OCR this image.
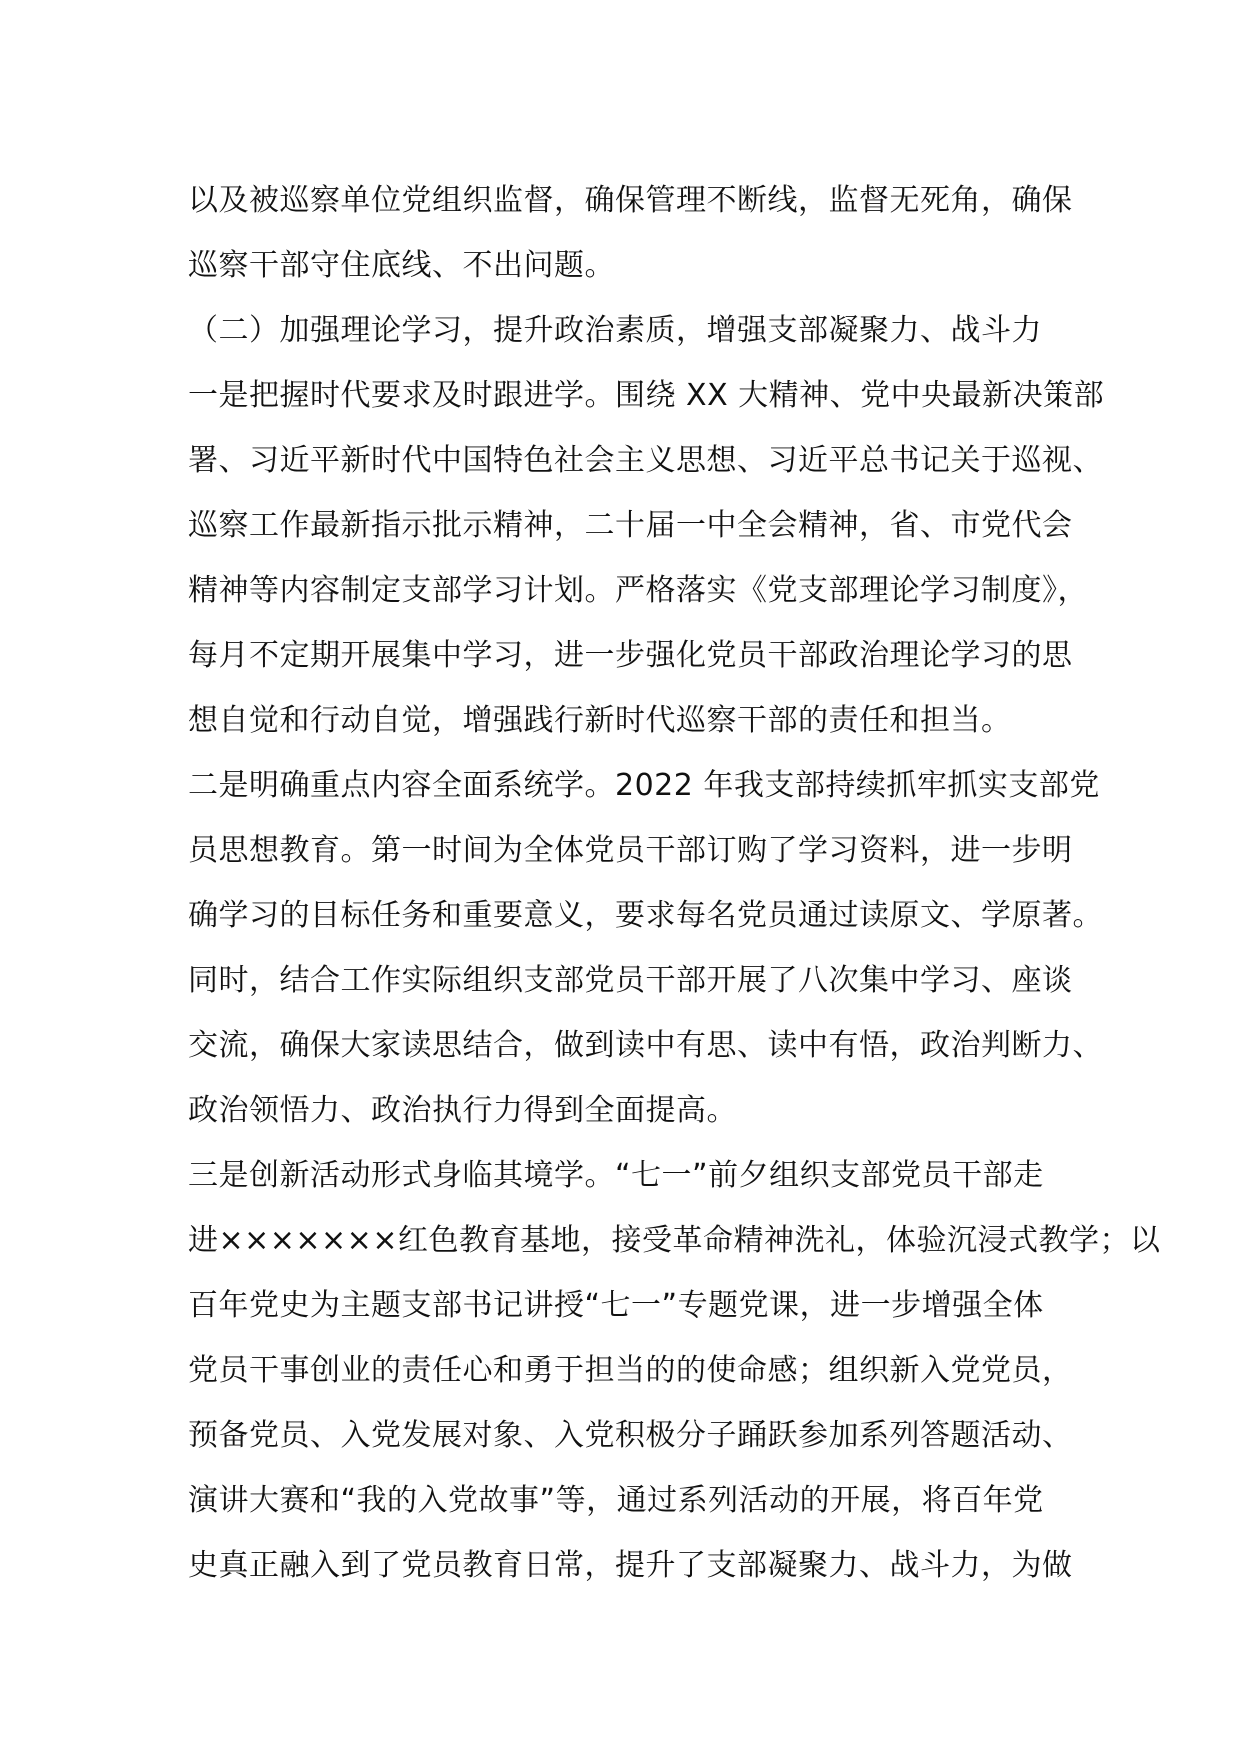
以及被巡察单位党组织监督，确保管理不断线，监督无死角，确保
巡察干部守住底线、不出问题。
（二）加强理论学习，提升政治素质，增强支部凝聚力、战斗力
一是把握时代要求及时跟进学。围绕 XX 大精神、党中央最新决策部
署、习近平新时代中国特色社会主义思想、习近平总书记关于巡视、
巡察工作最新指示批示精神，二十届一中全会精神，省、市党代会
精神等内容制定支部学习计划。严格落实《党支部理论学习制度》，
每月不定期开展集中学习，进一步强化党员干部政治理论学习的思
想自觉和行动自觉，增强践行新时代巡察干部的责任和担当。
二是明确重点内容全面系统学。2022 年我支部持续抓牢抓实支部党
员思想教育。第一时间为全体党员干部订购了学习资料，进一步明
确学习的目标任务和重要意义，要求每名党员通过读原文、学原著。
同时，结合工作实际组织支部党员干部开展了八次集中学习、座谈
交流，确保大家读思结合，做到读中有思、读中有悟，政治判断力、
政治领悟力、政治执行力得到全面提高。
三是创新活动形式身临其境学。“七一”前夕组织支部党员干部走
进×××××××红色教育基地，接受革命精神洗礼，体验沉浸式教学；以
百年党史为主题支部书记讲授“七一”专题党课，进一步增强全体
党员干事创业的责任心和勇于担当的的使命感；组织新入党党员，
预备党员、入党发展对象、入党积极分子踊跃参加系列答题活动、
演讲大赛和“我的入党故事”等，通过系列活动的开展，将百年党
史真正融入到了党员教育日常，提升了支部凝聚力、战斗力，为做
